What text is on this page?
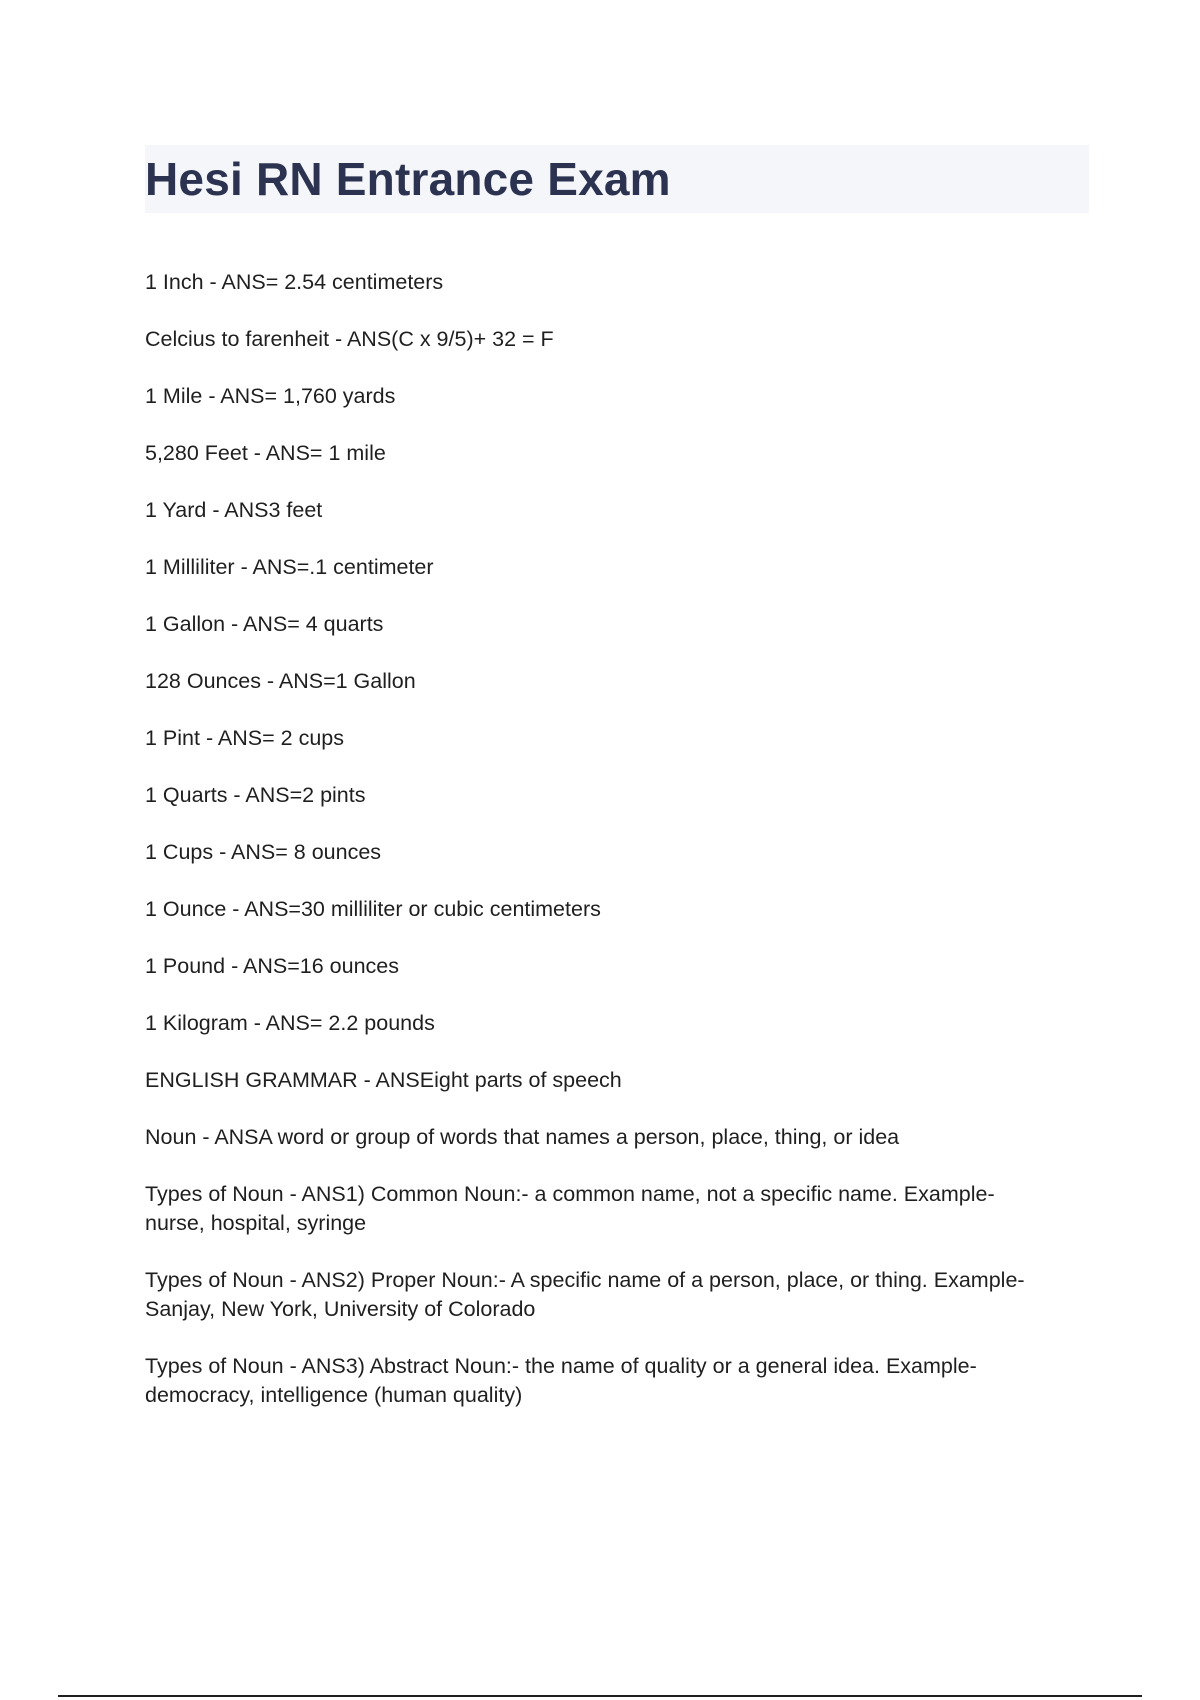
Hesi RN Entrance Exam
1 Inch - ANS= 2.54 centimeters
Celcius to farenheit - ANS(C x 9/5)+ 32 = F
1 Mile - ANS= 1,760 yards
5,280 Feet - ANS= 1 mile
1 Yard - ANS3 feet
1 Milliliter - ANS=.1 centimeter
1 Gallon - ANS= 4 quarts
128 Ounces - ANS=1 Gallon
1 Pint - ANS= 2 cups
1 Quarts - ANS=2 pints
1 Cups - ANS= 8 ounces
1 Ounce - ANS=30 milliliter or cubic centimeters
1 Pound - ANS=16 ounces
1 Kilogram - ANS= 2.2 pounds
ENGLISH GRAMMAR - ANSEight parts of speech
Noun - ANSA word or group of words that names a person, place, thing, or idea
Types of Noun - ANS1) Common Noun:- a common name, not a specific name. Example-
nurse, hospital, syringe
Types of Noun - ANS2) Proper Noun:- A specific name of a person, place, or thing. Example-
Sanjay, New York, University of Colorado
Types of Noun - ANS3) Abstract Noun:- the name of quality or a general idea. Example-
democracy, intelligence (human quality)
